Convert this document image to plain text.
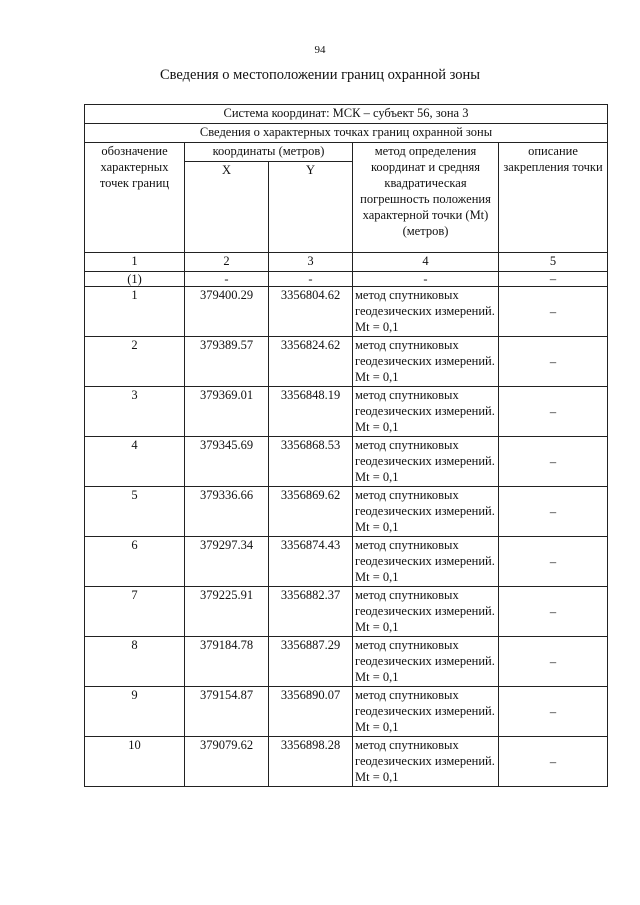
94
Сведения о местоположении границ охранной зоны
Система координат: МСК – субъект 56, зона 3				
Сведения о характерных точках границ охранной зоны				
обозначение характерных точек границ	координаты (метров)		метод определения координат и средняя квадратическая погрешность положения характерной точки (Mt) (метров)	описание закрепления точки
	X	Y		
1	2	3	4	5
(1)	-	-	-	–
1	379400.29	3356804.62	метод спутниковых геодезических измерений. Mt = 0,1	–
2	379389.57	3356824.62	метод спутниковых геодезических измерений. Mt = 0,1	–
3	379369.01	3356848.19	метод спутниковых геодезических измерений. Mt = 0,1	–
4	379345.69	3356868.53	метод спутниковых геодезических измерений. Mt = 0,1	–
5	379336.66	3356869.62	метод спутниковых геодезических измерений. Mt = 0,1	–
6	379297.34	3356874.43	метод спутниковых геодезических измерений. Mt = 0,1	–
7	379225.91	3356882.37	метод спутниковых геодезических измерений. Mt = 0,1	–
8	379184.78	3356887.29	метод спутниковых геодезических измерений. Mt = 0,1	–
9	379154.87	3356890.07	метод спутниковых геодезических измерений. Mt = 0,1	–
10	379079.62	3356898.28	метод спутниковых геодезических измерений. Mt = 0,1	–
